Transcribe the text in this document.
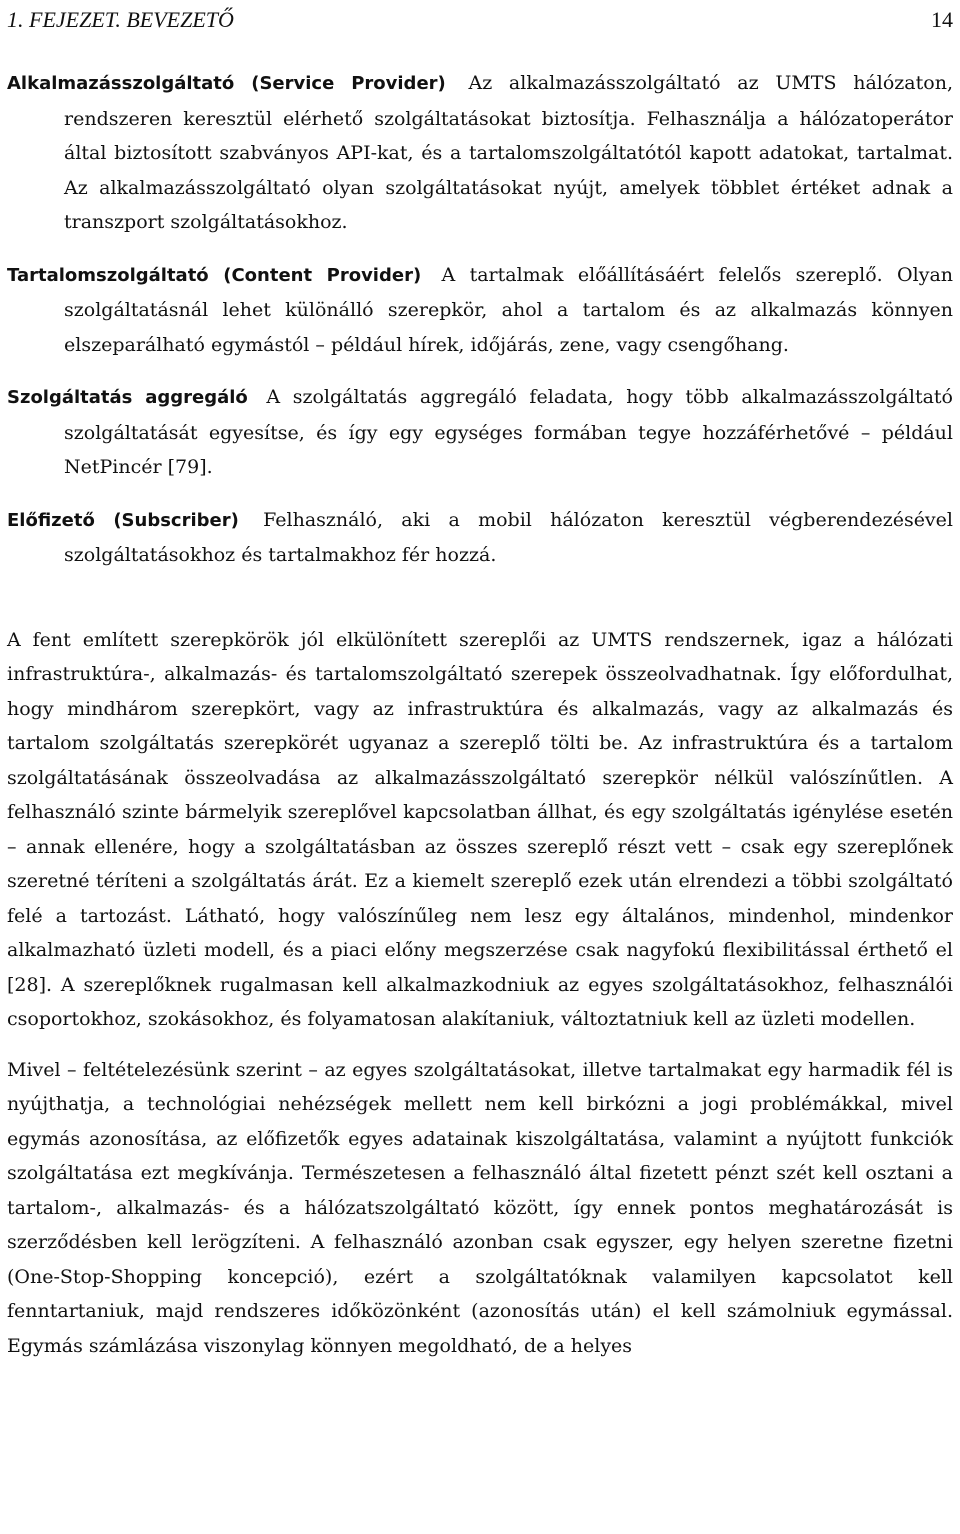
1. FEJEZET. BEVEZETŐ	14

Alkalmazásszolgáltató (Service Provider) Az alkalmazásszolgáltató az UMTS hálózaton, rendszeren keresztül elérhető szolgáltatásokat biztosítja. Felhasználja a hálózatoperátor által biztosított szabványos API-kat, és a tartalomszolgáltatótól kapott adatokat, tartalmat. Az alkalmazásszolgáltató olyan szolgáltatásokat nyújt, amelyek többlet értéket adnak a transzport szolgáltatásokhoz.

Tartalomszolgáltató (Content Provider) A tartalmak előállításáért felelős szereplő. Olyan szolgáltatásnál lehet különálló szerepkör, ahol a tartalom és az alkalmazás könnyen elszeparálható egymástól – például hírek, időjárás, zene, vagy csengőhang.

Szolgáltatás aggregáló A szolgáltatás aggregáló feladata, hogy több alkalmazásszolgáltató szolgáltatását egyesítse, és így egy egységes formában tegye hozzáférhetővé – például NetPincér [79].

Előfizető (Subscriber) Felhasználó, aki a mobil hálózaton keresztül végberendezésével szolgáltatásokhoz és tartalmakhoz fér hozzá.

A fent említett szerepkörök jól elkülönített szereplői az UMTS rendszernek, igaz a hálózati infrastruktúra-, alkalmazás- és tartalomszolgáltató szerepek összeolvadhatnak. Így előfordulhat, hogy mindhárom szerepkört, vagy az infrastruktúra és alkalmazás, vagy az alkalmazás és tartalom szolgáltatás szerepkörét ugyanaz a szereplő tölti be. Az infrastruktúra és a tartalom szolgáltatásának összeolvadása az alkalmazásszolgáltató szerepkör nélkül valószínűtlen. A felhasználó szinte bármelyik szereplővel kapcsolatban állhat, és egy szolgáltatás igénylése esetén – annak ellenére, hogy a szolgáltatásban az összes szereplő részt vett – csak egy szereplőnek szeretné téríteni a szolgáltatás árát. Ez a kiemelt szereplő ezek után elrendezi a többi szolgáltató felé a tartozást. Látható, hogy valószínűleg nem lesz egy általános, mindenhol, mindenkor alkalmazható üzleti modell, és a piaci előny megszerzése csak nagyfokú flexibilitással érthető el [28]. A szereplőknek rugalmasan kell alkalmazkodniuk az egyes szolgáltatásokhoz, felhasználói csoportokhoz, szokásokhoz, és folyamatosan alakítaniuk, változtatniuk kell az üzleti modellen.

Mivel – feltételezésünk szerint – az egyes szolgáltatásokat, illetve tartalmakat egy harmadik fél is nyújthatja, a technológiai nehézségek mellett nem kell birkózni a jogi problémákkal, mivel egymás azonosítása, az előfizetők egyes adatainak kiszolgáltatása, valamint a nyújtott funkciók szolgáltatása ezt megkívánja. Természetesen a felhasználó által fizetett pénzt szét kell osztani a tartalom-, alkalmazás- és a hálózatszolgáltató között, így ennek pontos meghatározását is szerződésben kell lerögzíteni. A felhasználó azonban csak egyszer, egy helyen szeretne fizetni (One-Stop-Shopping koncepció), ezért a szolgáltatóknak valamilyen kapcsolatot kell fenntartaniuk, majd rendszeres időközönként (azonosítás után) el kell számolniuk egymással. Egymás számlázása viszonylag könnyen megoldható, de a helyes
